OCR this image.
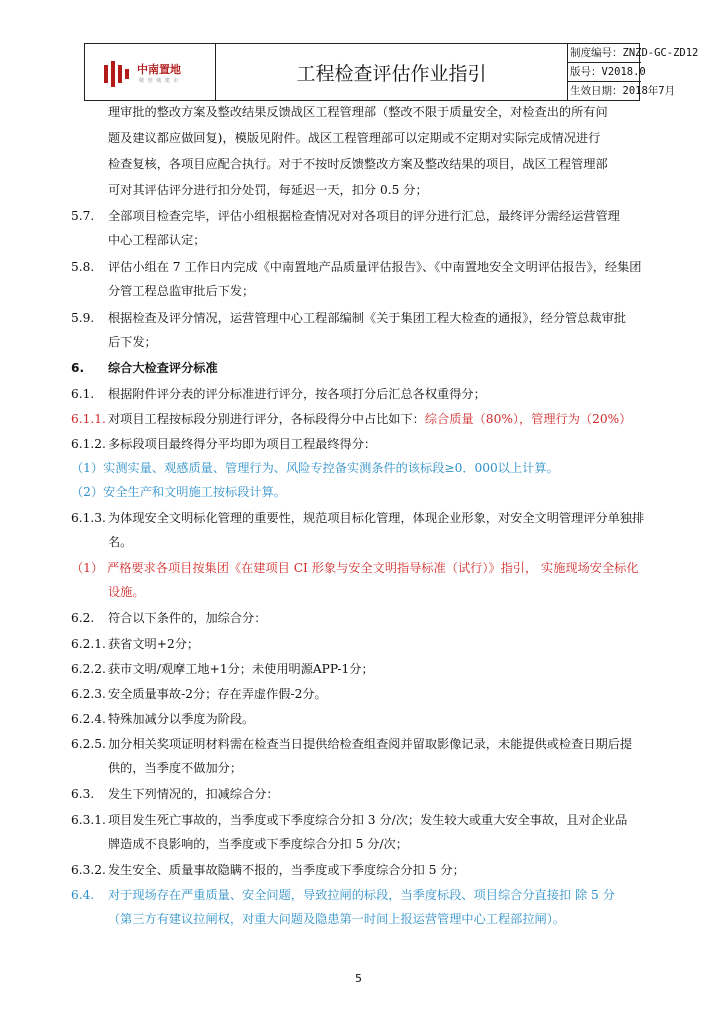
中南置地
敬 创 城 建 市	工程检查评估作业指引
制度编号：ZNZD-GC-ZD12
版号：V2018.0
生效日期：2018年7月
理审批的整改方案及整改结果反馈战区工程管理部（整改不限于质量安全，对检查出的所有问
题及建议都应做回复)，模版见附件。战区工程管理部可以定期或不定期对实际完成情况进行
检查复核，各项目应配合执行。对于不按时反馈整改方案及整改结果的项目，战区工程管理部
可对其评估评分进行扣分处罚，每延迟一天，扣分 0.5 分；
5.7. 全部项目检查完毕，评估小组根据检查情况对对各项目的评分进行汇总，最终评分需经运营管理
中心工程部认定；
5.8. 评估小组在 7 工作日内完成《中南置地产品质量评估报告》、《中南置地安全文明评估报告》，经集团
分管工程总监审批后下发；
5.9. 根据检查及评分情况，运营管理中心工程部编制《关于集团工程大检查的通报》，经分管总裁审批
后下发；
6. 综合大检查评分标准
6.1. 根据附件评分表的评分标准进行评分，按各项打分后汇总各权重得分；
6.1.1. 对项目工程按标段分别进行评分，各标段得分中占比如下：综合质量（80%），管理行为（20%）
6.1.2. 多标段项目最终得分平均即为项目工程最终得分：
（1）实测实量、观感质量、管理行为、风险专控备实测条件的该标段≥0．000以上计算。
（2）安全生产和文明施工按标段计算。
6.1.3. 为体现安全文明标化管理的重要性，规范项目标化管理，体现企业形象，对安全文明管理评分单独排
名。
（1） 严格要求各项目按集团《在建项目 CI 形象与安全文明指导标准（试行）》指引， 实施现场安全标化
设施。
6.2. 符合以下条件的，加综合分：
6.2.1. 获省文明+2分；
6.2.2. 获市文明/观摩工地+1分；未使用明源APP-1分；
6.2.3. 安全质量事故-2分；存在弄虚作假-2分。
6.2.4. 特殊加减分以季度为阶段。
6.2.5. 加分相关奖项证明材料需在检查当日提供给检查组查阅并留取影像记录，未能提供或检查日期后提
供的，当季度不做加分；
6.3. 发生下列情况的，扣减综合分：
6.3.1. 项目发生死亡事故的，当季度或下季度综合分扣 3 分/次；发生较大或重大安全事故，且对企业品
牌造成不良影响的，当季度或下季度综合分扣 5 分/次；
6.3.2. 发生安全、质量事故隐瞒不报的，当季度或下季度综合分扣 5 分；
6.4. 对于现场存在严重质量、安全问题，导致拉闸的标段，当季度标段、项目综合分直接扣 除 5 分
（第三方有建议拉闸权，对重大问题及隐患第一时间上报运营管理中心工程部拉闸）。
5
